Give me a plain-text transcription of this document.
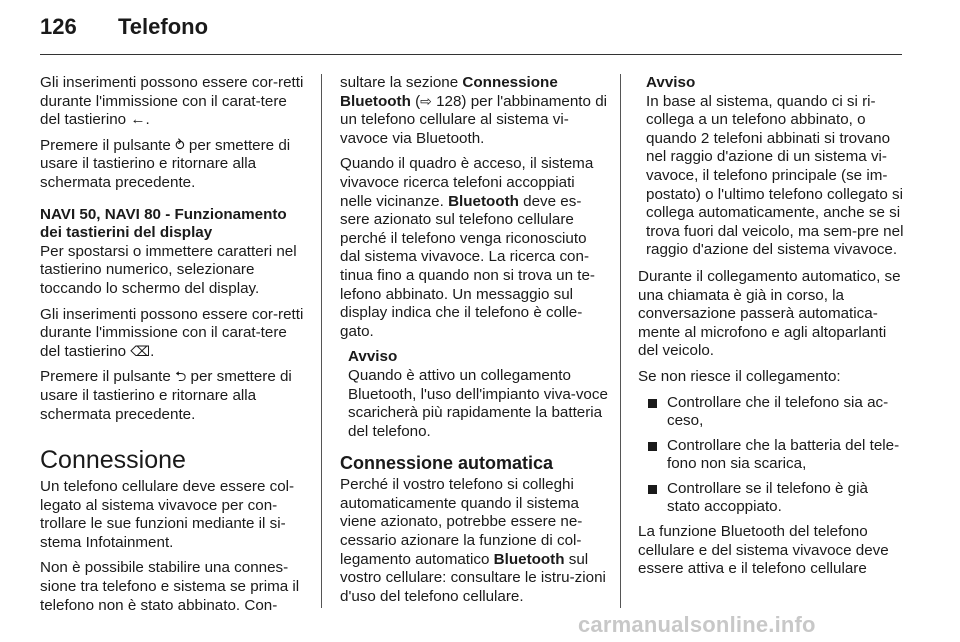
126	Telefono

Gli inserimenti possono essere cor-retti durante l'immissione con il carat-tere del tastierino ←.

Premere il pulsante ⥁ per smettere di usare il tastierino e ritornare alla schermata precedente.

NAVI 50, NAVI 80 - Funzionamento dei tastierini del display

Per spostarsi o immettere caratteri nel tastierino numerico, selezionare toccando lo schermo del display.

Gli inserimenti possono essere cor-retti durante l'immissione con il carat-tere del tastierino ⌫.

Premere il pulsante ⮌ per smettere di usare il tastierino e ritornare alla schermata precedente.

Connessione

Un telefono cellulare deve essere col-legato al sistema vivavoce per con-trollare le sue funzioni mediante il si-stema Infotainment.

Non è possibile stabilire una connes-sione tra telefono e sistema se prima il telefono non è stato abbinato. Con-

sultare la sezione Connessione Bluetooth (⇨ 128) per l'abbinamento di un telefono cellulare al sistema vi-vavoce via Bluetooth.

Quando il quadro è acceso, il sistema vivavoce ricerca telefoni accoppiati nelle vicinanze. Bluetooth deve es-sere azionato sul telefono cellulare perché il telefono venga riconosciuto dal sistema vivavoce. La ricerca con-tinua fino a quando non si trova un te-lefono abbinato. Un messaggio sul display indica che il telefono è colle-gato.

Avviso
Quando è attivo un collegamento Bluetooth, l'uso dell'impianto viva-voce scaricherà più rapidamente la batteria del telefono.
Connessione automatica

Perché il vostro telefono si colleghi automaticamente quando il sistema viene azionato, potrebbe essere ne-cessario azionare la funzione di col-legamento automatico Bluetooth sul vostro cellulare: consultare le istru-zioni d'uso del telefono cellulare.

Avviso
In base al sistema, quando ci si ri-collega a un telefono abbinato, o quando 2 telefoni abbinati si trovano nel raggio d'azione di un sistema vi-vavoce, il telefono principale (se im-postato) o l'ultimo telefono collegato si collega automaticamente, anche se si trova fuori dal veicolo, ma sem-pre nel raggio d'azione del sistema vivavoce.

Durante il collegamento automatico, se una chiamata è già in corso, la conversazione passerà automatica-mente al microfono e agli altoparlanti del veicolo.

Se non riesce il collegamento:

Controllare che il telefono sia ac-ceso,
Controllare che la batteria del tele-fono non sia scarica,
Controllare se il telefono è già stato accoppiato.

La funzione Bluetooth del telefono cellulare e del sistema vivavoce deve essere attiva e il telefono cellulare

carmanualsonline.info
